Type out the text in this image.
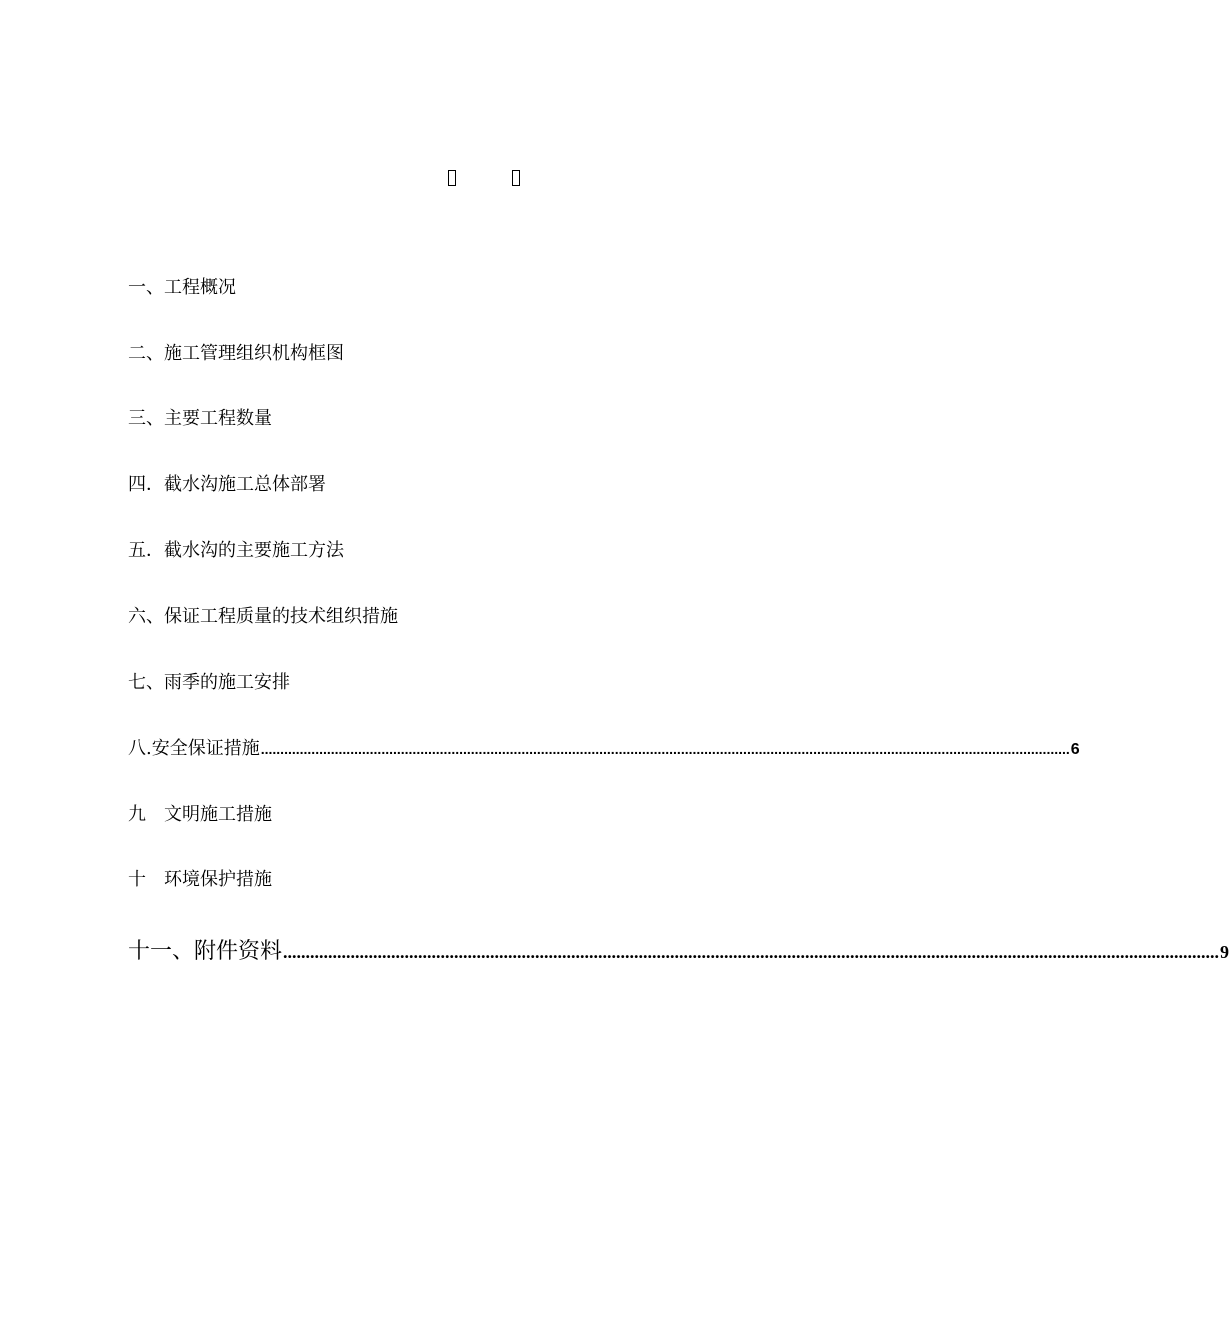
一、工程概况
二、施工管理组织机构框图
三、主要工程数量
四．截水沟施工总体部署
五．截水沟的主要施工方法
六、保证工程质量的技术组织措施
七、雨季的施工安排
八.安全保证措施 ................................................................................................................................................................................................................ 6
九　文明施工措施
十　环境保护措施
十一、附件资料 ................................................................................................................................................................................................................ 9
